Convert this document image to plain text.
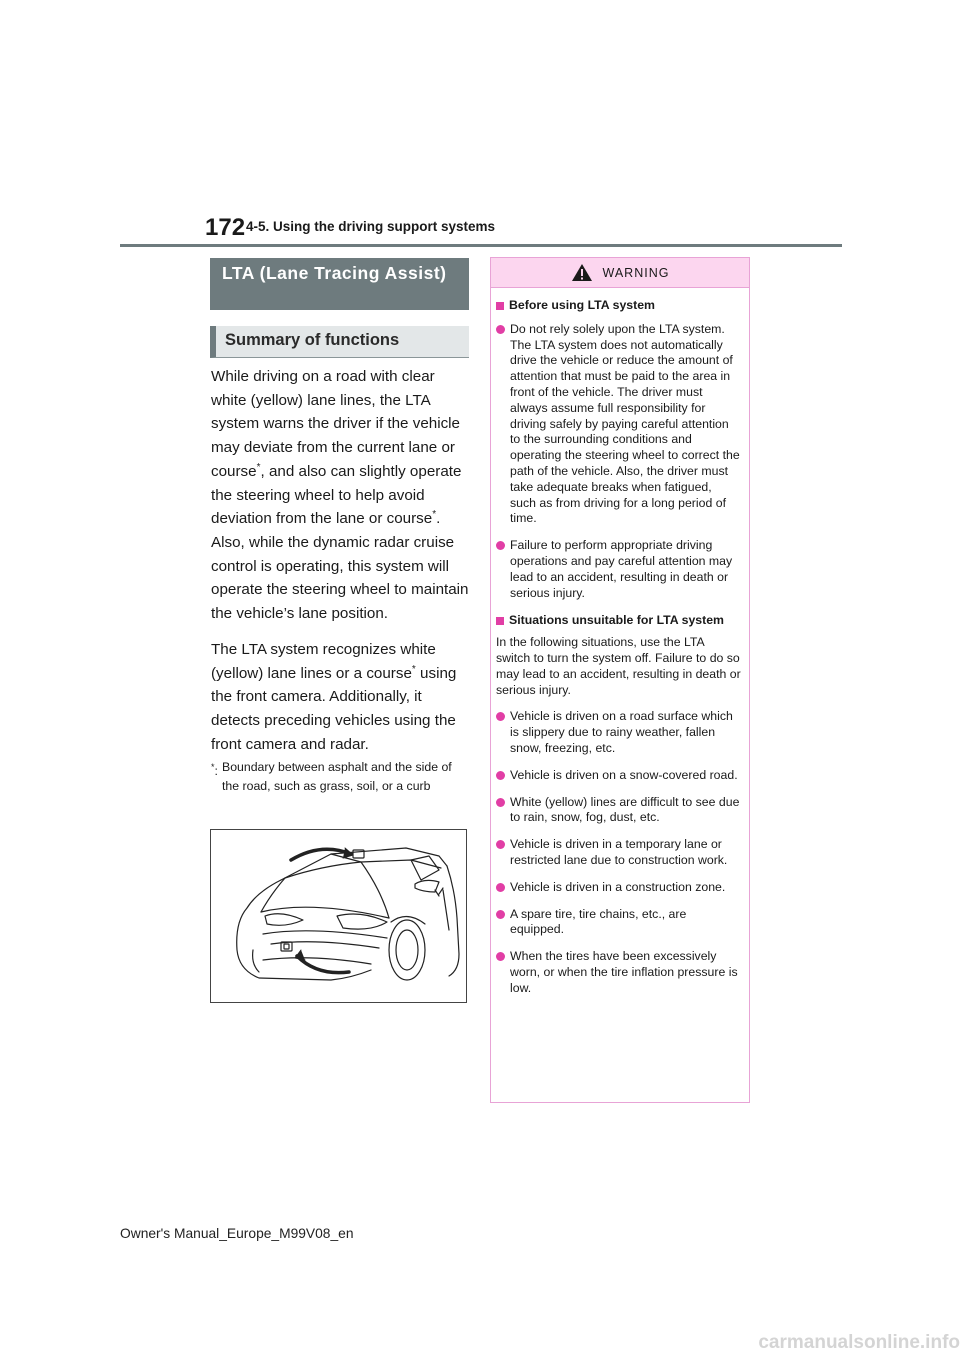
172 4-5. Using the driving support systems
LTA (Lane Tracing Assist)
Summary of functions
While driving on a road with clear white (yellow) lane lines, the LTA system warns the driver if the vehicle may deviate from the current lane or course*, and also can slightly operate the steering wheel to help avoid deviation from the lane or course*. Also, while the dynamic radar cruise control is operating, this system will operate the steering wheel to maintain the vehicle’s lane position.
The LTA system recognizes white (yellow) lane lines or a course* using the front camera. Additionally, it detects preceding vehicles using the front camera and radar.
*: Boundary between asphalt and the side of the road, such as grass, soil, or a curb
WARNING
Before using LTA system
Do not rely solely upon the LTA system. The LTA system does not automatically drive the vehicle or reduce the amount of attention that must be paid to the area in front of the vehicle. The driver must always assume full responsibility for driving safely by paying careful attention to the surrounding conditions and operating the steering wheel to correct the path of the vehicle. Also, the driver must take adequate breaks when fatigued, such as from driving for a long period of time.
Failure to perform appropriate driving operations and pay careful attention may lead to an accident, resulting in death or serious injury.
Situations unsuitable for LTA system
In the following situations, use the LTA switch to turn the system off. Failure to do so may lead to an accident, resulting in death or serious injury.
Vehicle is driven on a road surface which is slippery due to rainy weather, fallen snow, freezing, etc.
Vehicle is driven on a snow-covered road.
White (yellow) lines are difficult to see due to rain, snow, fog, dust, etc.
Vehicle is driven in a temporary lane or restricted lane due to construction work.
Vehicle is driven in a construction zone.
A spare tire, tire chains, etc., are equipped.
When the tires have been excessively worn, or when the tire inflation pressure is low.
Owner's Manual_Europe_M99V08_en
carmanualsonline.info
